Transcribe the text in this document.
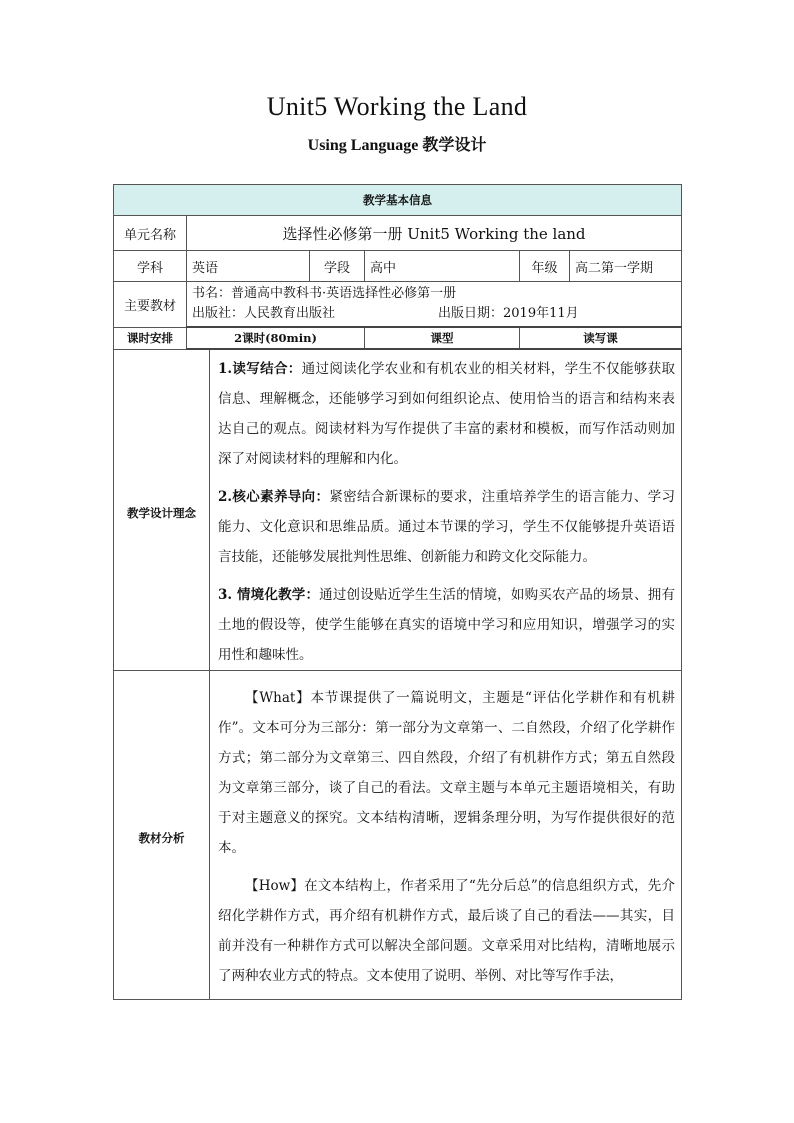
Unit5 Working the Land
Using Language 教学设计
教学基本信息						
单元名称	选择性必修第一册 Unit5 Working the land					
学科	英语		学段	高中	年级	高二第一学期
主要教材	书名：普通高中教科书·英语选择性必修第一册
出版社：人民教育出版社 出版日期：2019年11月					

课时安排	2课时(80min)			课型	读写课	
教学设计理念		1.读写结合：通过阅读化学农业和有机农业的相关材料，学生不仅能够获取信息、理解概念，还能够学习到如何组织论点、使用恰当的语言和结构来表达自己的观点。阅读材料为写作提供了丰富的素材和模板，而写作活动则加深了对阅读材料的理解和内化。

2.核心素养导向：紧密结合新课标的要求，注重培养学生的语言能力、学习能力、文化意识和思维品质。通过本节课的学习，学生不仅能够提升英语语言技能，还能够发展批判性思维、创新能力和跨文化交际能力。

3. 情境化教学：通过创设贴近学生生活的情境，如购买农产品的场景、拥有土地的假设等，使学生能够在真实的语境中学习和应用知识，增强学习的实用性和趣味性。				

教材分析		【What】本节课提供了一篇说明文，主题是“评估化学耕作和有机耕作”。文本可分为三部分：第一部分为文章第一、二自然段，介绍了化学耕作方式；第二部分为文章第三、四自然段，介绍了有机耕作方式；第五自然段为文章第三部分，谈了自己的看法。文章主题与本单元主题语境相关，有助于对主题意义的探究。文本结构清晰，逻辑条理分明，为写作提供很好的范本。

【How】在文本结构上，作者采用了“先分后总”的信息组织方式，先介绍化学耕作方式，再介绍有机耕作方式，最后谈了自己的看法——其实，目前并没有一种耕作方式可以解决全部问题。文章采用对比结构，清晰地展示了两种农业方式的特点。文本使用了说明、举例、对比等写作手法，				
